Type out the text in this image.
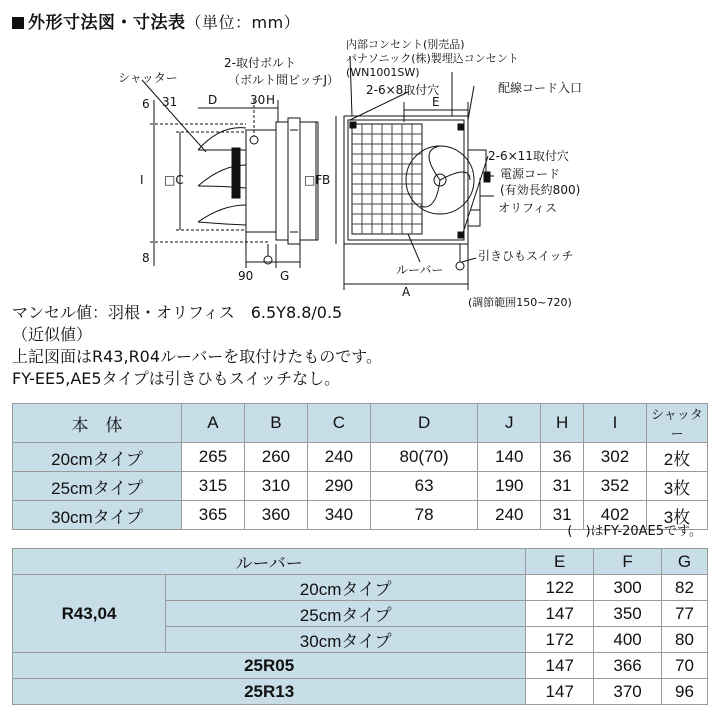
外形寸法図・寸法表（単位：mm）
シャッター
2-取付ボルト
（ボルト間ピッチJ）
内部コンセント(別売品)
パナソニック(株)製埋込コンセント
(WN1001SW)
2-6×8取付穴	配線コード入口
2-6×11取付穴
電源コード
(有効長約800)
オリフィス
ルーバー
引きひもスイッチ
(調節範囲150~720)
6 31	D	30 H
I □C	□F B
E
A
8
90 G
マンセル値：羽根・オリフィス　6.5Y8.8/0.5
（近似値）
上記図面はR43,R04ルーバーを取付けたものです。
FY-EE5,AE5タイプは引きひもスイッチなし。
本　体	A	B	C	D	J	H	I	シャッター
20cmタイプ	265	260	240	80(70)	140	36	302	2枚
25cmタイプ	315	310	290	63	190	31	352	3枚
30cmタイプ	365	360	340	78	240	31	402	3枚
(　)はFY-20AE5です。
ルーバー		E	F	G
R43,04	20cmタイプ	122	300	82
	25cmタイプ	147	350	77
	30cmタイプ	172	400	80
25R05		147	366	70
25R13		147	370	96
